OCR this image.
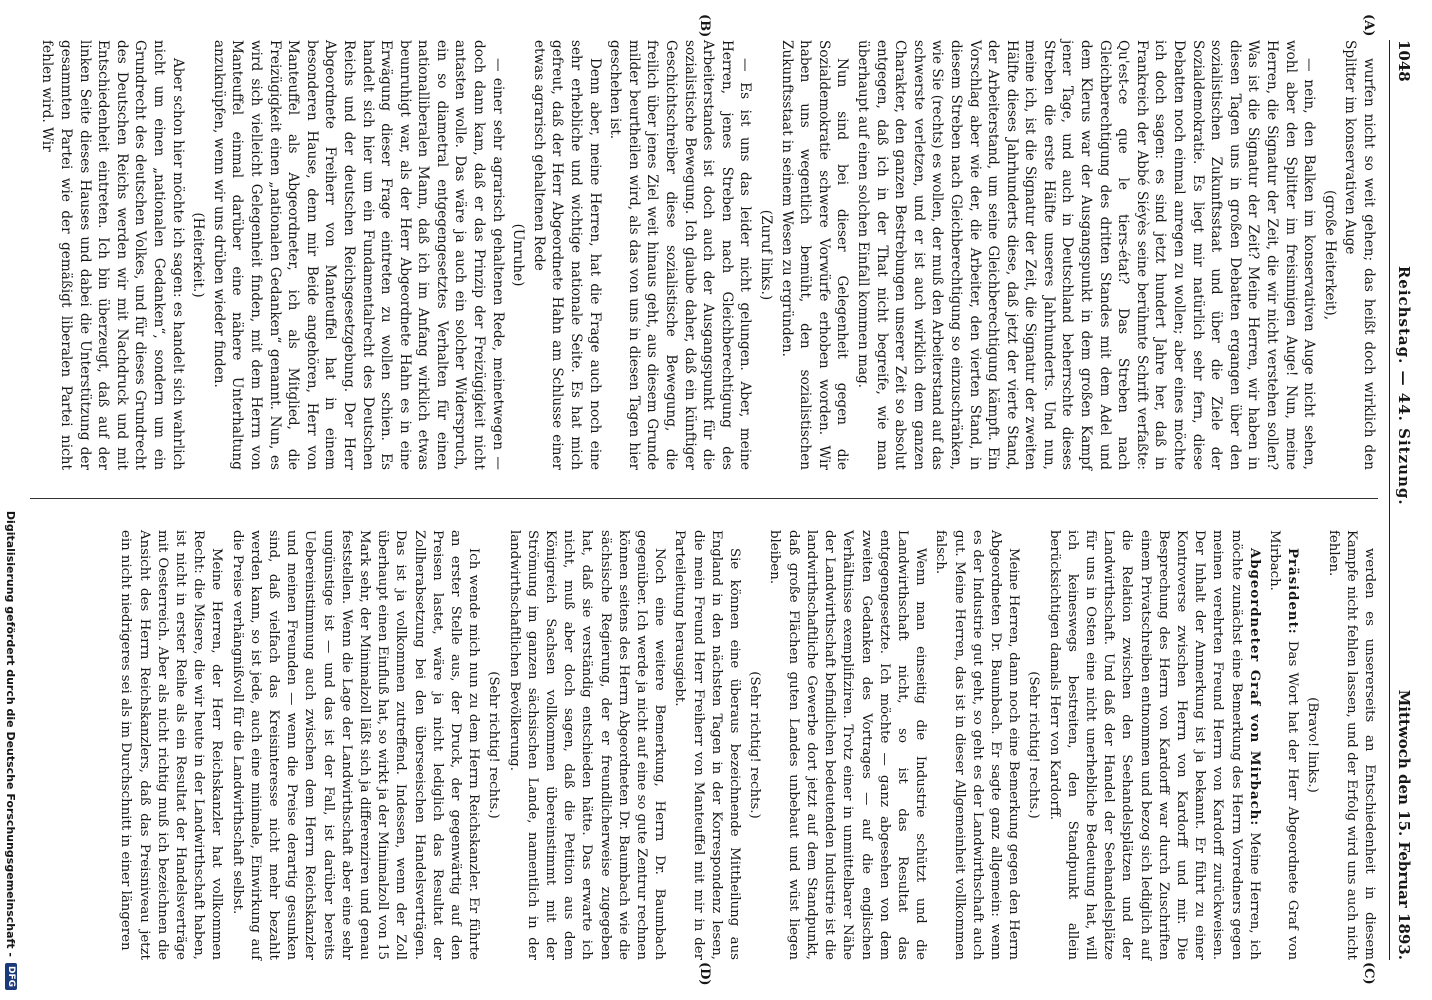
1048
Reichstag. — 44. Sitzung.
Mittwoch den 15. Februar 1893.
(A)
(B)
(C)
(D)

wurfen nicht so weit gehen; das heißt doch wirklich den Splitter im konservativen Auge

(große Heiterkeit),

— nein, den Balken im konservativen Auge nicht sehen, wohl aber den Splitter im freisinnigen Auge! Nun, meine Herren, die Signatur der Zeit, die wir nicht verstehen sollen? Was ist die Signatur der Zeit? Meine Herren, wir haben in diesen Tagen uns in großen Debatten ergangen über den sozialistischen Zukunftsstaat und über die Ziele der Sozialdemokratie. Es liegt mir natürlich sehr fern, diese Debatten noch einmal anregen zu wollen; aber eines möchte ich doch sagen: es sind jetzt hundert Jahre her, daß in Frankreich der Abbé Siéyès seine berühmte Schrift verfaßte: Qu'est-ce que le tiers-état? Das Streben nach Gleichberechtigung des dritten Standes mit dem Adel und dem Klerus war der Ausgangspunkt in dem großen Kampf jener Tage, und auch in Deutschland beherrschte dieses Streben die erste Hälfte unseres Jahrhunderts. Und nun, meine ich, ist die Signatur der Zeit, die Signatur der zweiten Hälfte dieses Jahrhunderts diese, daß jetzt der vierte Stand, der Arbeiterstand, um seine Gleichberechtigung kämpft. Ein Vorschlag aber wie der, die Arbeiter, den vierten Stand, in diesem Streben nach Gleichberechtigung so einzuschränken, wie Sie (rechts) es wollen, der muß den Arbeiterstand auf das schwerste verletzen, und er ist auch wirklich dem ganzen Charakter, den ganzen Bestrebungen unserer Zeit so absolut entgegen, daß ich in der That nicht begreife, wie man überhaupt auf einen solchen Einfall kommen mag.

Nun sind bei dieser Gelegenheit gegen die Sozialdemokratie schwere Vorwürfe erhoben worden. Wir haben uns wegentlich bemüht, den sozialistischen Zukunftsstaat in seinem Wesen zu ergründen.

(Zuruf links.)

— Es ist uns das leider nicht gelungen. Aber, meine Herren, jenes Streben nach Gleichberechtigung des Arbeiterstandes ist doch auch der Ausgangspunkt für die sozialistische Bewegung. Ich glaube daher, daß ein künftiger Geschichtschreiber diese sozialistische Bewegung, die freilich über jenes Ziel weit hinaus geht, aus diesem Grunde milder beurtheilen wird, als das von uns in diesen Tagen hier geschehen ist.

Denn aber, meine Herren, hat die Frage auch noch eine sehr erhebliche und wichtige nationale Seite. Es hat mich gefreut, daß der Herr Abgeordnete Hahn am Schlusse einer etwas agrarisch gehaltenen Rede

(Unruhe)

— einer sehr agrarisch gehaltenen Rede, meinetwegen — doch dann kam, daß er das Prinzip der Freizügigkeit nicht antasten wolle. Das wäre ja auch ein solcher Widerspruch, ein so diametral entgegengesetztes Verhalten für einen nationalliberalen Mann, daß ich im Anfang wirklich etwas beunruhigt war, als der Herr Abgeordnete Hahn es in eine Erwägung dieser Frage eintreten zu wollen schien. Es handelt sich hier um ein Fundamentalrecht des Deutschen Reichs und der deutschen Reichsgesetzgebung. Der Herr Abgeordnete Freiherr von Manteuffel hat in einem besonderen Hause, denn mir Beide angehören, Herr von Manteuffel als Abgeordneter, ich als Mitglied, die Freizügigkeit einen „nationalen Gedanken“ genannt. Nun, es wird sich vielleicht Gelegenheit finden, mit dem Herrn von Manteuffel einmal darüber eine nähere Unterhaltung anzuknüpfen, wenn wir uns drüben wieder finden.

(Heiterkeit.)

Aber schon hier möchte ich sagen: es handelt sich wahrlich nicht um einen „nationalen Gedanken“, sondern um ein Grundrecht des deutschen Volkes, und für dieses Grundrecht des Deutschen Reichs werden wir mit Nachdruck und mit Entschiedenheit eintreten. Ich bin überzeugt, daß auf der linken Seite dieses Hauses und dabei die Unterstützung der gesammten Partei wie der gemäßigt liberalen Partei nicht fehlen wird. Wir

werden es unsererseits an Entschiedenheit in diesem Kampfe nicht fehlen lassen, und der Erfolg wird uns auch nicht fehlen.

(Bravo! links.)

Präsident: Das Wort hat der Herr Abgeordnete Graf von Mirbach.

Abgeordneter Graf von Mirbach: Meine Herren, ich möchte zunächst eine Bemerkung des Herrn Vorredners gegen meinen verehrten Freund Herrn von Kardorff zurückweisen. Der Inhalt der Anmerkung ist ja bekannt. Er führt zu einer Kontroverse zwischen Herrn von Kardorff und mir. Die Besprechung des Herrn von Kardorff war durch Zuschriften einem Privatschreiben entnommen und bezog sich lediglich auf die Relation zwischen den Seehandelsplätzen und der Landwirthschaft. Und daß der Handel der Seehandelsplätze für uns in Osten eine nicht unerhebliche Bedeutung hat, will ich keineswegs bestreiten, den Standpunkt allein berücksichtigen damals Herr von Kardorff.

(Sehr richtig! rechts.)

Meine Herren, dann noch eine Bemerkung gegen den Herrn Abgeordneten Dr. Baumbach. Er sagte ganz allgemein: wenn es der Industrie gut geht, so geht es der Landwirthschaft auch gut. Meine Herren, das ist in dieser Allgemeinheit vollkommen falsch.

Wenn man einseitig die Industrie schützt und die Landwirthschaft nicht, so ist das Resultat das entgegengesetzte. Ich möchte — ganz abgesehen von dem zweiten Gedanken des Vortrages — auf die englischen Verhältnisse exemplifiziren. Trotz einer in unmittelbarer Nähe der Landwirthschaft befindlichen bedeutenden Industrie ist die landwirthschaftliche Gewerbe dort jetzt auf dem Standpunkt, daß große Flächen guten Landes unbebaut und wüst liegen bleiben.

(Sehr richtig! rechts.)

Sie können eine überaus bezeichnende Mittheilung aus England in den nächsten Tagen in der Korrespondenz lesen, die mein Freund Herr Freiherr von Manteuffel mit mir in der Parteileitung herausgiebt.

Noch eine weitere Bemerkung, Herrn Dr. Baumbach gegenüber. Ich werde ja nicht auf eine so gute Zentrur rechnen können seitens des Herrn Abgeordneten Dr. Baumbach wie die sächsische Regierung, der er freundlicherweise zugegeben hat, daß sie verständig entschieden hätte. Das erwarte ich nicht, muß aber doch sagen, daß die Petition aus dem Königreich Sachsen vollkommen übereinstimmt mit der Strömung im ganzen sächsischen Lande, namentlich in der landwirthschaftlichen Bevölkerung.

(Sehr richtig! rechts.)

Ich wende mich nun zu dem Herrn Reichskanzler. Er führte an erster Stelle aus, der Druck, der gegenwärtig auf den Preisen lastet, wäre ja nicht lediglich das Resultat der Zollherabsetzung bei den überseeischen Handelsverträgen. Das ist ja vollkommen zutreffend. Indessen, wenn der Zoll überhaupt einen Einfluß hat, so wirkt ja der Minimalzoll von 15 Mark sehr, der Minimalzoll läßt sich ja differenziren und genau feststellen. Wenn die Lage der Landwirthschaft aber eine sehr ungünstige ist — und das ist der Fall, ist darüber bereits Uebereinstimmung auch zwischen dem Herrn Reichskanzler und meinen Freunden — wenn die Preise derartig gesunken sind, daß vielfach das Kreisinteresse nicht mehr bezahlt werden kann, so ist jede, auch eine minimale, Einwirkung auf die Preise verhängnißvoll für die Landwirthschaft selbst.

Meine Herren, der Herr Reichskanzler hat vollkommen Recht: die Misere, die wir heute in der Landwirthschaft haben, ist nicht in erster Reihe als ein Resultat der Handelsverträge mit Oesterreich. Aber als nicht richtig muß ich bezeichnen die Ansicht des Herrn Reichskanzlers, daß das Preisniveau jetzt ein nicht niedrigeres sei als im Durchschnitt in einer längeren

Digitalisierung gefördert durch die Deutsche Forschungsgemeinschaft -
DFG
